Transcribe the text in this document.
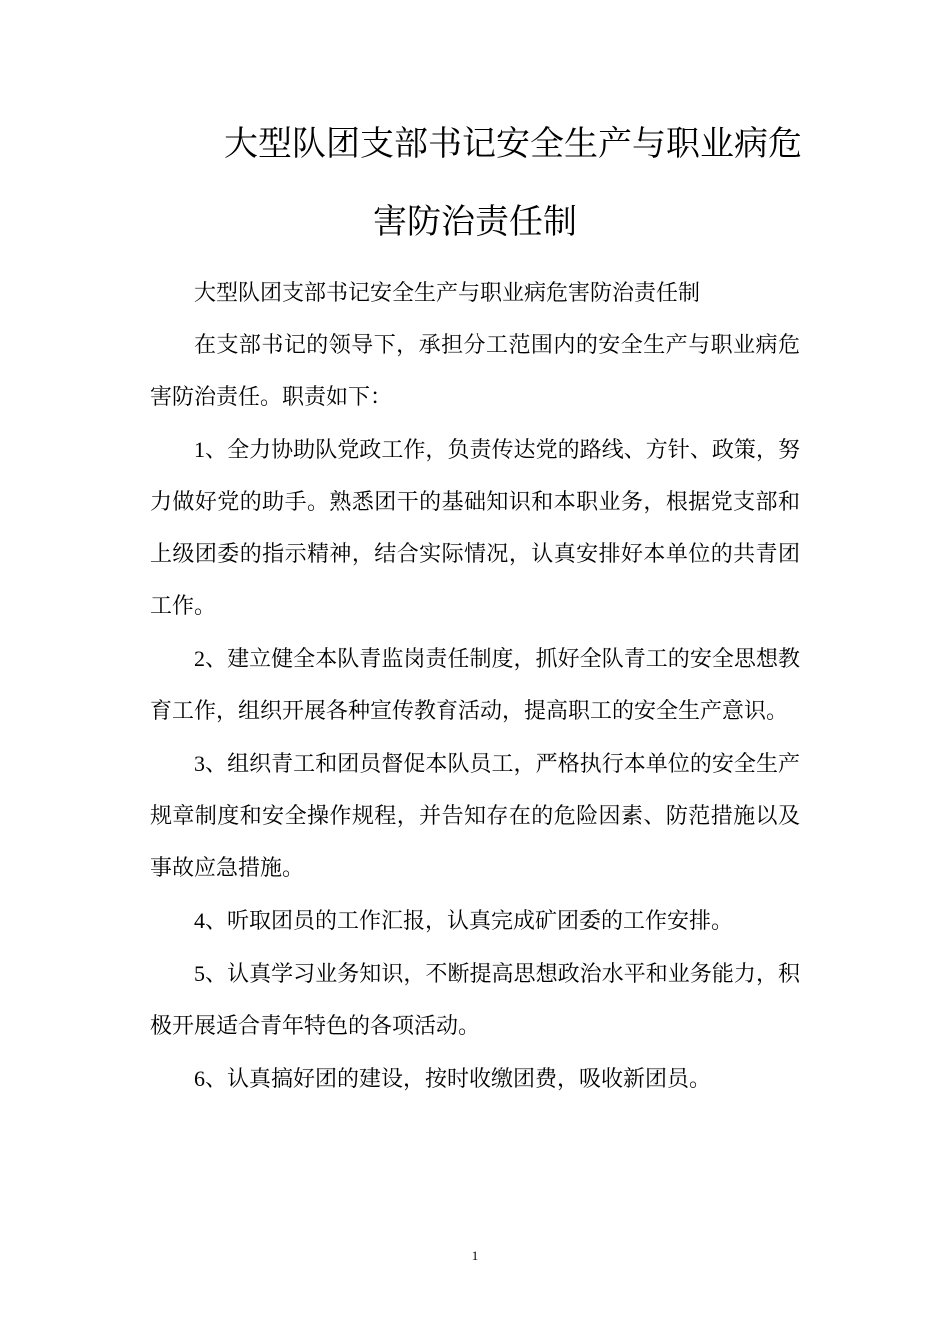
大型队团支部书记安全生产与职业病危
害防治责任制

大型队团支部书记安全生产与职业病危害防治责任制

在支部书记的领导下，承担分工范围内的安全生产与职业病危害防治责任。职责如下：

1、全力协助队党政工作，负责传达党的路线、方针、政策，努力做好党的助手。熟悉团干的基础知识和本职业务，根据党支部和上级团委的指示精神，结合实际情况，认真安排好本单位的共青团工作。

2、建立健全本队青监岗责任制度，抓好全队青工的安全思想教育工作，组织开展各种宣传教育活动，提高职工的安全生产意识。

3、组织青工和团员督促本队员工，严格执行本单位的安全生产规章制度和安全操作规程，并告知存在的危险因素、防范措施以及事故应急措施。

4、听取团员的工作汇报，认真完成矿团委的工作安排。

5、认真学习业务知识，不断提高思想政治水平和业务能力，积极开展适合青年特色的各项活动。

6、认真搞好团的建设，按时收缴团费，吸收新团员。

1
